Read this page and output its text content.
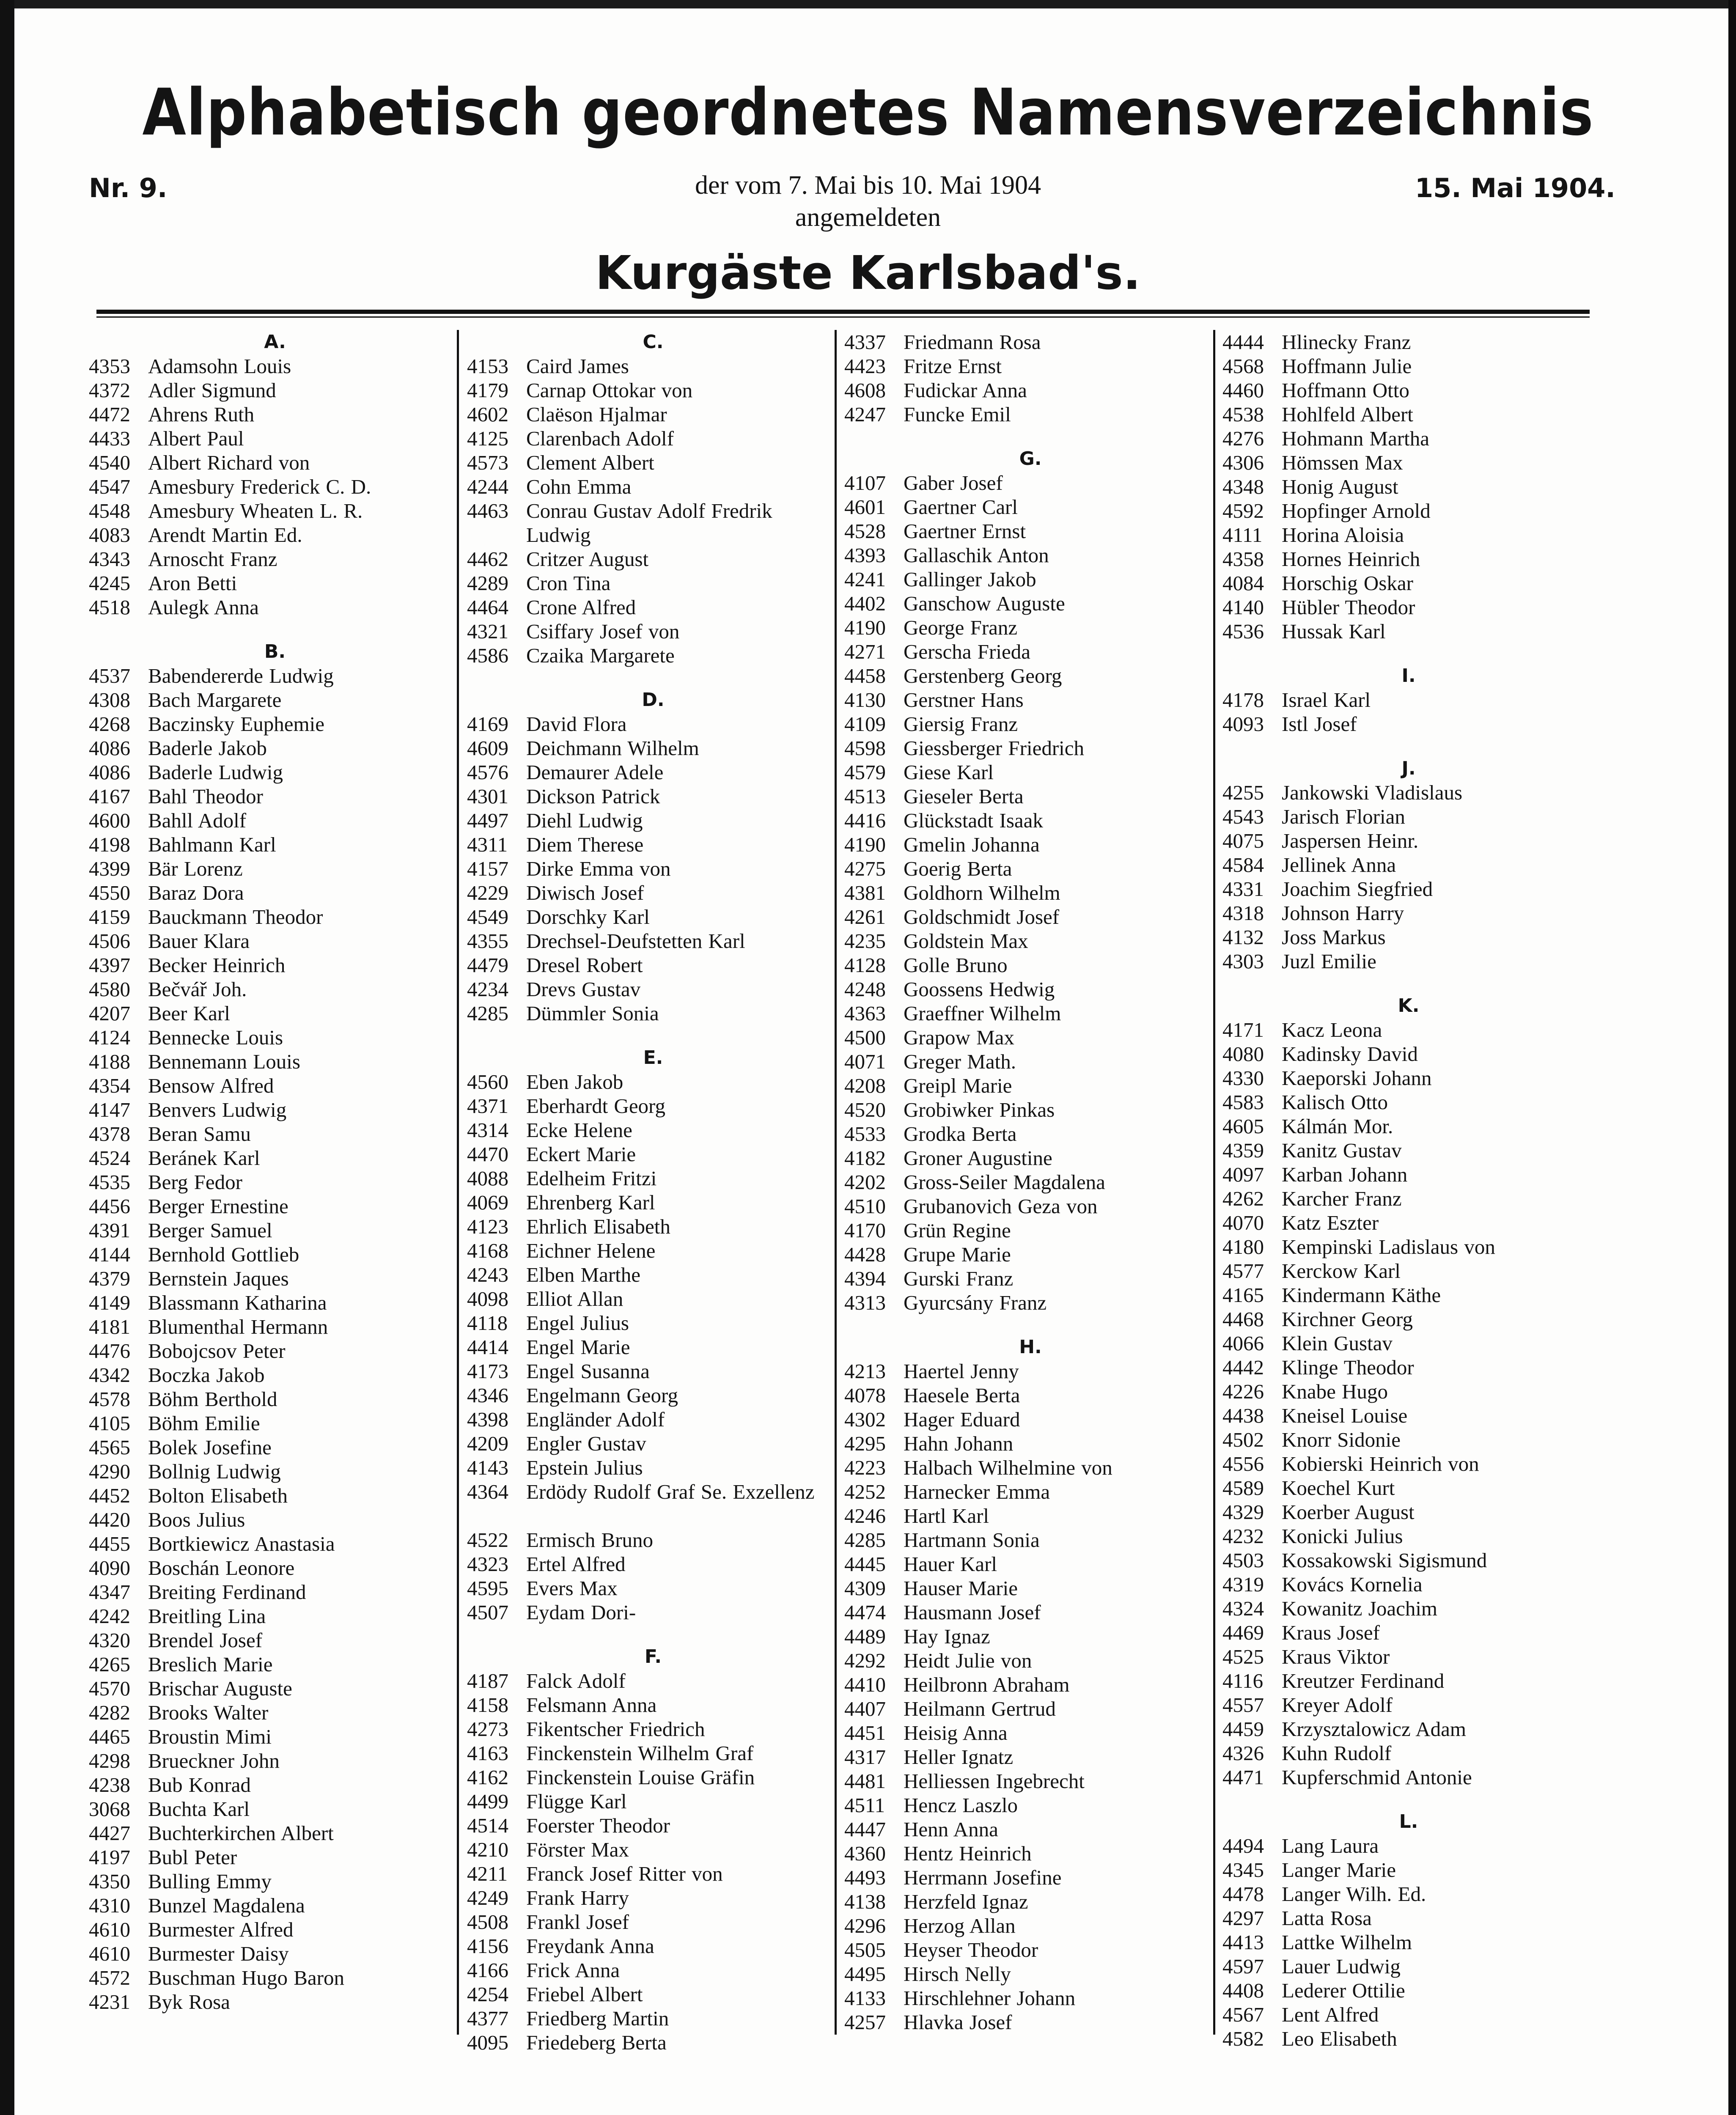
Alphabetisch geordnetes Namensverzeichnis
Nr. 9.	15. Mai 1904.
der vom 7. Mai bis 10. Mai 1904
angemeldeten
Kurgäste Karlsbad's.
A.
4353 Adamsohn Louis
4372 Adler Sigmund
4472 Ahrens Ruth
4433 Albert Paul
4540 Albert Richard von
4547 Amesbury Frederick C. D.
4548 Amesbury Wheaten L. R.
4083 Arendt Martin Ed.
4343 Arnoscht Franz
4245 Aron Betti
4518 Aulegk Anna
B.
4537 Babendererde Ludwig
4308 Bach Margarete
4268 Baczinsky Euphemie
4086 Baderle Jakob
4086 Baderle Ludwig
4167 Bahl Theodor
4600 Bahll Adolf
4198 Bahlmann Karl
4399 Bär Lorenz
4550 Baraz Dora
4159 Bauckmann Theodor
4506 Bauer Klara
4397 Becker Heinrich
4580 Bečvář Joh.
4207 Beer Karl
4124 Bennecke Louis
4188 Bennemann Louis
4354 Bensow Alfred
4147 Benvers Ludwig
4378 Beran Samu
4524 Beránek Karl
4535 Berg Fedor
4456 Berger Ernestine
4391 Berger Samuel
4144 Bernhold Gottlieb
4379 Bernstein Jaques
4149 Blassmann Katharina
4181 Blumenthal Hermann
4476 Bobojcsov Peter
4342 Boczka Jakob
4578 Böhm Berthold
4105 Böhm Emilie
4565 Bolek Josefine
4290 Bollnig Ludwig
4452 Bolton Elisabeth
4420 Boos Julius
4455 Bortkiewicz Anastasia
4090 Boschán Leonore
4347 Breiting Ferdinand
4242 Breitling Lina
4320 Brendel Josef
4265 Breslich Marie
4570 Brischar Auguste
4282 Brooks Walter
4465 Broustin Mimi
4298 Brueckner John
4238 Bub Konrad
3068 Buchta Karl
4427 Buchterkirchen Albert
4197 Bubl Peter
4350 Bulling Emmy
4310 Bunzel Magdalena
4610 Burmester Alfred
4610 Burmester Daisy
4572 Buschman Hugo Baron
4231 Byk Rosa
C.
4153 Caird James
4179 Carnap Ottokar von
4602 Claëson Hjalmar
4125 Clarenbach Adolf
4573 Clement Albert
4244 Cohn Emma
4463 Conrau Gustav Adolf Fredrik Ludwig
4462 Critzer August
4289 Cron Tina
4464 Crone Alfred
4321 Csiffary Josef von
4586 Czaika Margarete
D.
4169 David Flora
4609 Deichmann Wilhelm
4576 Demaurer Adele
4301 Dickson Patrick
4497 Diehl Ludwig
4311 Diem Therese
4157 Dirke Emma von
4229 Diwisch Josef
4549 Dorschky Karl
4355 Drechsel-Deufstetten Karl
4479 Dresel Robert
4234 Drevs Gustav
4285 Dümmler Sonia
E.
4560 Eben Jakob
4371 Eberhardt Georg
4314 Ecke Helene
4470 Eckert Marie
4088 Edelheim Fritzi
4069 Ehrenberg Karl
4123 Ehrlich Elisabeth
4168 Eichner Helene
4243 Elben Marthe
4098 Elliot Allan
4118 Engel Julius
4414 Engel Marie
4173 Engel Susanna
4346 Engelmann Georg
4398 Engländer Adolf
4209 Engler Gustav
4143 Epstein Julius
4364 Erdödy Rudolf Graf Se. Exzellenz
4522 Ermisch Bruno
4323 Ertel Alfred
4595 Evers Max
4507 Eydam Dori-
F.
4187 Falck Adolf
4158 Felsmann Anna
4273 Fikentscher Friedrich
4163 Finckenstein Wilhelm Graf
4162 Finckenstein Louise Gräfin
4499 Flügge Karl
4514 Foerster Theodor
4210 Förster Max
4211 Franck Josef Ritter von
4249 Frank Harry
4508 Frankl Josef
4156 Freydank Anna
4166 Frick Anna
4254 Friebel Albert
4377 Friedberg Martin
4095 Friedeberg Berta
4337 Friedmann Rosa
4423 Fritze Ernst
4608 Fudickar Anna
4247 Funcke Emil
G.
4107 Gaber Josef
4601 Gaertner Carl
4528 Gaertner Ernst
4393 Gallaschik Anton
4241 Gallinger Jakob
4402 Ganschow Auguste
4190 George Franz
4271 Gerscha Frieda
4458 Gerstenberg Georg
4130 Gerstner Hans
4109 Giersig Franz
4598 Giessberger Friedrich
4579 Giese Karl
4513 Gieseler Berta
4416 Glückstadt Isaak
4190 Gmelin Johanna
4275 Goerig Berta
4381 Goldhorn Wilhelm
4261 Goldschmidt Josef
4235 Goldstein Max
4128 Golle Bruno
4248 Goossens Hedwig
4363 Graeffner Wilhelm
4500 Grapow Max
4071 Greger Math.
4208 Greipl Marie
4520 Grobiwker Pinkas
4533 Grodka Berta
4182 Groner Augustine
4202 Gross-Seiler Magdalena
4510 Grubanovich Geza von
4170 Grün Regine
4428 Grupe Marie
4394 Gurski Franz
4313 Gyurcsány Franz
H.
4213 Haertel Jenny
4078 Haesele Berta
4302 Hager Eduard
4295 Hahn Johann
4223 Halbach Wilhelmine von
4252 Harnecker Emma
4246 Hartl Karl
4285 Hartmann Sonia
4445 Hauer Karl
4309 Hauser Marie
4474 Hausmann Josef
4489 Hay Ignaz
4292 Heidt Julie von
4410 Heilbronn Abraham
4407 Heilmann Gertrud
4451 Heisig Anna
4317 Heller Ignatz
4481 Helliessen Ingebrecht
4511 Hencz Laszlo
4447 Henn Anna
4360 Hentz Heinrich
4493 Herrmann Josefine
4138 Herzfeld Ignaz
4296 Herzog Allan
4505 Heyser Theodor
4495 Hirsch Nelly
4133 Hirschlehner Johann
4257 Hlavka Josef
4444 Hlinecky Franz
4568 Hoffmann Julie
4460 Hoffmann Otto
4538 Hohlfeld Albert
4276 Hohmann Martha
4306 Hömssen Max
4348 Honig August
4592 Hopfinger Arnold
4111 Horina Aloisia
4358 Hornes Heinrich
4084 Horschig Oskar
4140 Hübler Theodor
4536 Hussak Karl
I.
4178 Israel Karl
4093 Istl Josef
J.
4255 Jankowski Vladislaus
4543 Jarisch Florian
4075 Jaspersen Heinr.
4584 Jellinek Anna
4331 Joachim Siegfried
4318 Johnson Harry
4132 Joss Markus
4303 Juzl Emilie
K.
4171 Kacz Leona
4080 Kadinsky David
4330 Kaeporski Johann
4583 Kalisch Otto
4605 Kálmán Mor.
4359 Kanitz Gustav
4097 Karban Johann
4262 Karcher Franz
4070 Katz Eszter
4180 Kempinski Ladislaus von
4577 Kerckow Karl
4165 Kindermann Käthe
4468 Kirchner Georg
4066 Klein Gustav
4442 Klinge Theodor
4226 Knabe Hugo
4438 Kneisel Louise
4502 Knorr Sidonie
4556 Kobierski Heinrich von
4589 Koechel Kurt
4329 Koerber August
4232 Konicki Julius
4503 Kossakowski Sigismund
4319 Kovács Kornelia
4324 Kowanitz Joachim
4469 Kraus Josef
4525 Kraus Viktor
4116 Kreutzer Ferdinand
4557 Kreyer Adolf
4459 Krzysztalowicz Adam
4326 Kuhn Rudolf
4471 Kupferschmid Antonie
L.
4494 Lang Laura
4345 Langer Marie
4478 Langer Wilh. Ed.
4297 Latta Rosa
4413 Lattke Wilhelm
4597 Lauer Ludwig
4408 Lederer Ottilie
4567 Lent Alfred
4582 Leo Elisabeth
